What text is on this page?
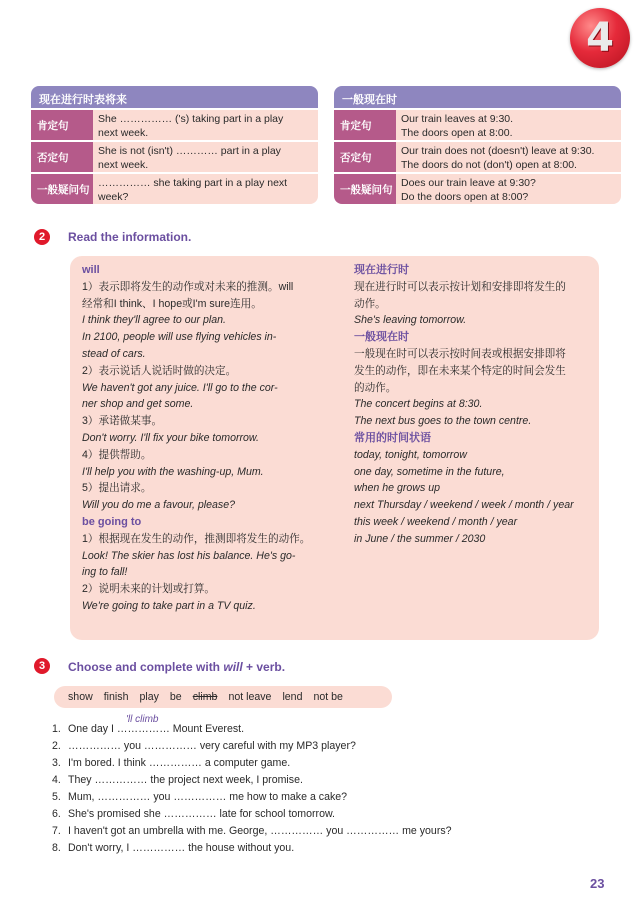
4
现在进行时表将来
肯定句
She …………… ('s) taking part in a play
next week.
否定句
She is not (isn't) ………… part in a play
next week.
一般疑问句
…………… she taking part in a play next
week?
一般现在时
肯定句
Our train leaves at 9:30.
The doors open at 8:00.
否定句
Our train does not (doesn't) leave at 9:30.
The doors do not (don't) open at 8:00.
一般疑问句
Does our train leave at 9:30?
Do the doors open at 8:00?
2	Read the information.
will
1）表示即将发生的动作或对未来的推测。will
经常和I think、I hope或I'm sure连用。
I think they'll agree to our plan.
In 2100, people will use flying vehicles in-
stead of cars.
2）表示说话人说话时做的决定。
We haven't got any juice. I'll go to the cor-
ner shop and get some.
3）承诺做某事。
Don't worry. I'll fix your bike tomorrow.
4）提供帮助。
I'll help you with the washing-up, Mum.
5）提出请求。
Will you do me a favour, please?
be going to
1）根据现在发生的动作，推测即将发生的动作。
Look! The skier has lost his balance. He's go-
ing to fall!
2）说明未来的计划或打算。
We're going to take part in a TV quiz.
现在进行时
现在进行时可以表示按计划和安排即将发生的
动作。
She's leaving tomorrow.
一般现在时
一般现在时可以表示按时间表或根据安排即将
发生的动作，即在未来某个特定的时间会发生
的动作。
The concert begins at 8:30.
The next bus goes to the town centre.
常用的时间状语
today, tonight, tomorrow
one day, sometime in the future,
when he grows up
next Thursday / weekend / week / month / year
this week / weekend / month / year
in June / the summer / 2030
3	Choose and complete with will + verb.
show finish play be climb not leave lend not be
1. One day I …………… Mount Everest.
'll climb
2. …………… you …………… very careful with my MP3 player?
3. I'm bored. I think …………… a computer game.
4. They …………… the project next week, I promise.
5. Mum, …………… you …………… me how to make a cake?
6. She's promised she …………… late for school tomorrow.
7. I haven't got an umbrella with me. George, …………… you …………… me yours?
8. Don't worry, I …………… the house without you.
23
